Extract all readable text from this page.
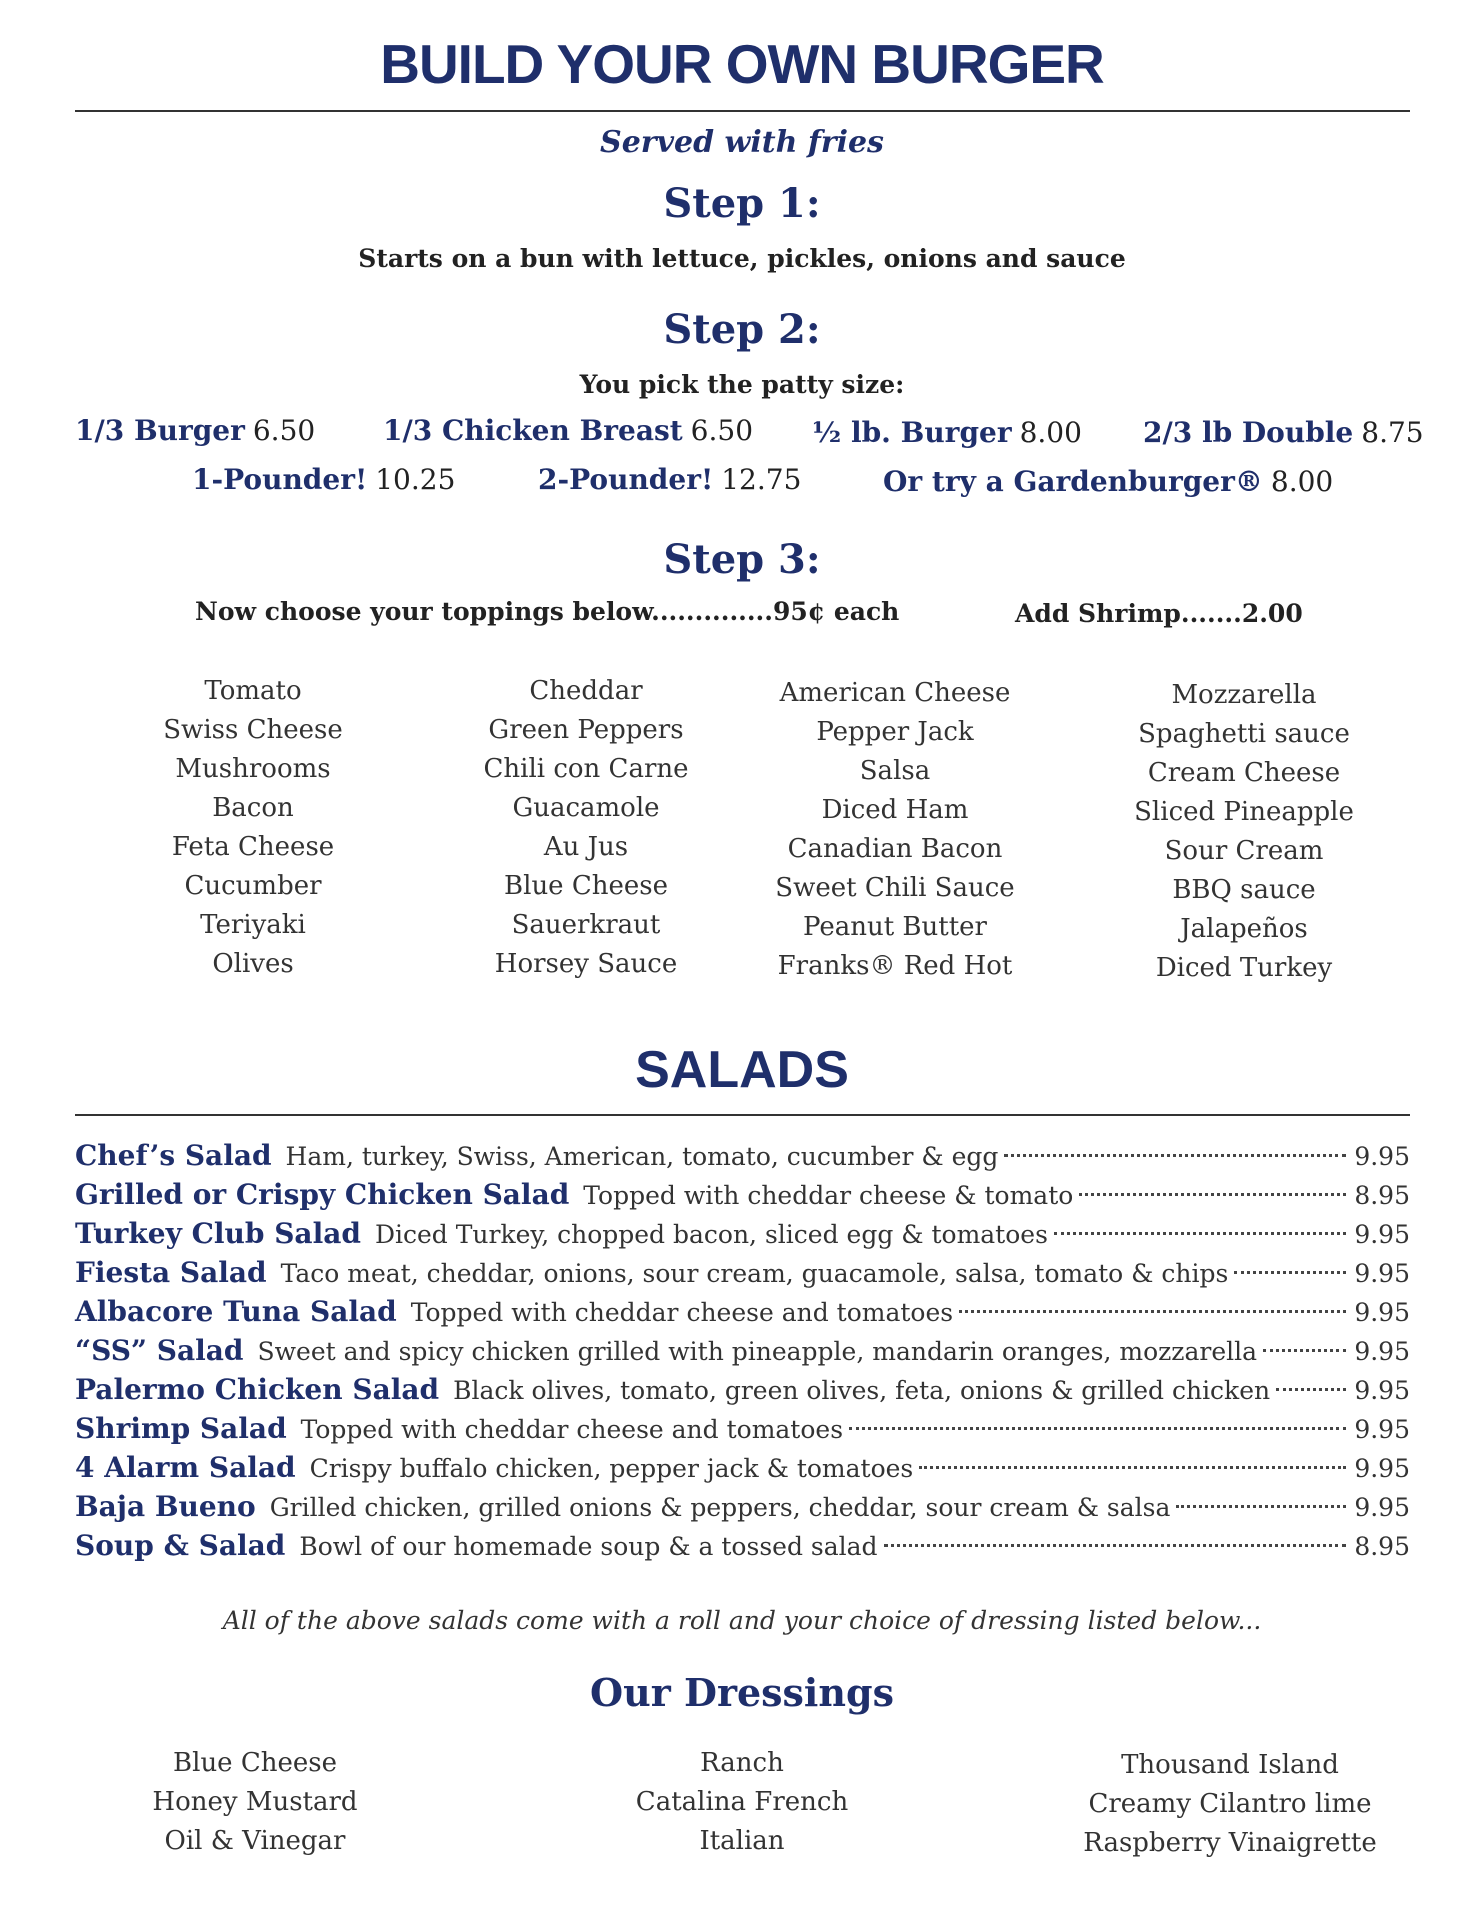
BUILD YOUR OWN BURGER
Served with fries
Step 1:
Starts on a bun with lettuce, pickles, onions and sauce
Step 2:
You pick the patty size:
1/3 Burger 6.50 1/3 Chicken Breast 6.50 ½ lb. Burger 8.00 2/3 lb Double 8.75
1-Pounder! 10.25	2-Pounder! 12.75	Or try a Gardenburger® 8.00
Step 3:
Now choose your toppings below..............95¢ each	Add Shrimp.......2.00
Tomato
Swiss Cheese
Mushrooms
Bacon
Feta Cheese
Cucumber
Teriyaki
Olives
Cheddar
Green Peppers
Chili con Carne
Guacamole
Au Jus
Blue Cheese
Sauerkraut
Horsey Sauce
American Cheese
Pepper Jack
Salsa
Diced Ham
Canadian Bacon
Sweet Chili Sauce
Peanut Butter
Franks® Red Hot
Mozzarella
Spaghetti sauce
Cream Cheese
Sliced Pineapple
Sour Cream
BBQ sauce
Jalapeños
Diced Turkey
SALADS
Chef’s Salad Ham, turkey, Swiss, American, tomato, cucumber & egg	9.95
Grilled or Crispy Chicken Salad Topped with cheddar cheese & tomato	8.95
Turkey Club Salad Diced Turkey, chopped bacon, sliced egg & tomatoes	9.95
Fiesta Salad Taco meat, cheddar, onions, sour cream, guacamole, salsa, tomato & chips	9.95
Albacore Tuna Salad Topped with cheddar cheese and tomatoes	9.95
“SS” Salad Sweet and spicy chicken grilled with pineapple, mandarin oranges, mozzarella	9.95
Palermo Chicken Salad Black olives, tomato, green olives, feta, onions & grilled chicken	9.95
Shrimp Salad Topped with cheddar cheese and tomatoes	9.95
4 Alarm Salad Crispy buffalo chicken, pepper jack & tomatoes	9.95
Baja Bueno Grilled chicken, grilled onions & peppers, cheddar, sour cream & salsa	9.95
Soup & Salad Bowl of our homemade soup & a tossed salad	8.95
All of the above salads come with a roll and your choice of dressing listed below...
Our Dressings
Blue Cheese
Honey Mustard
Oil & Vinegar
Ranch
Catalina French
Italian
Thousand Island
Creamy Cilantro lime
Raspberry Vinaigrette
